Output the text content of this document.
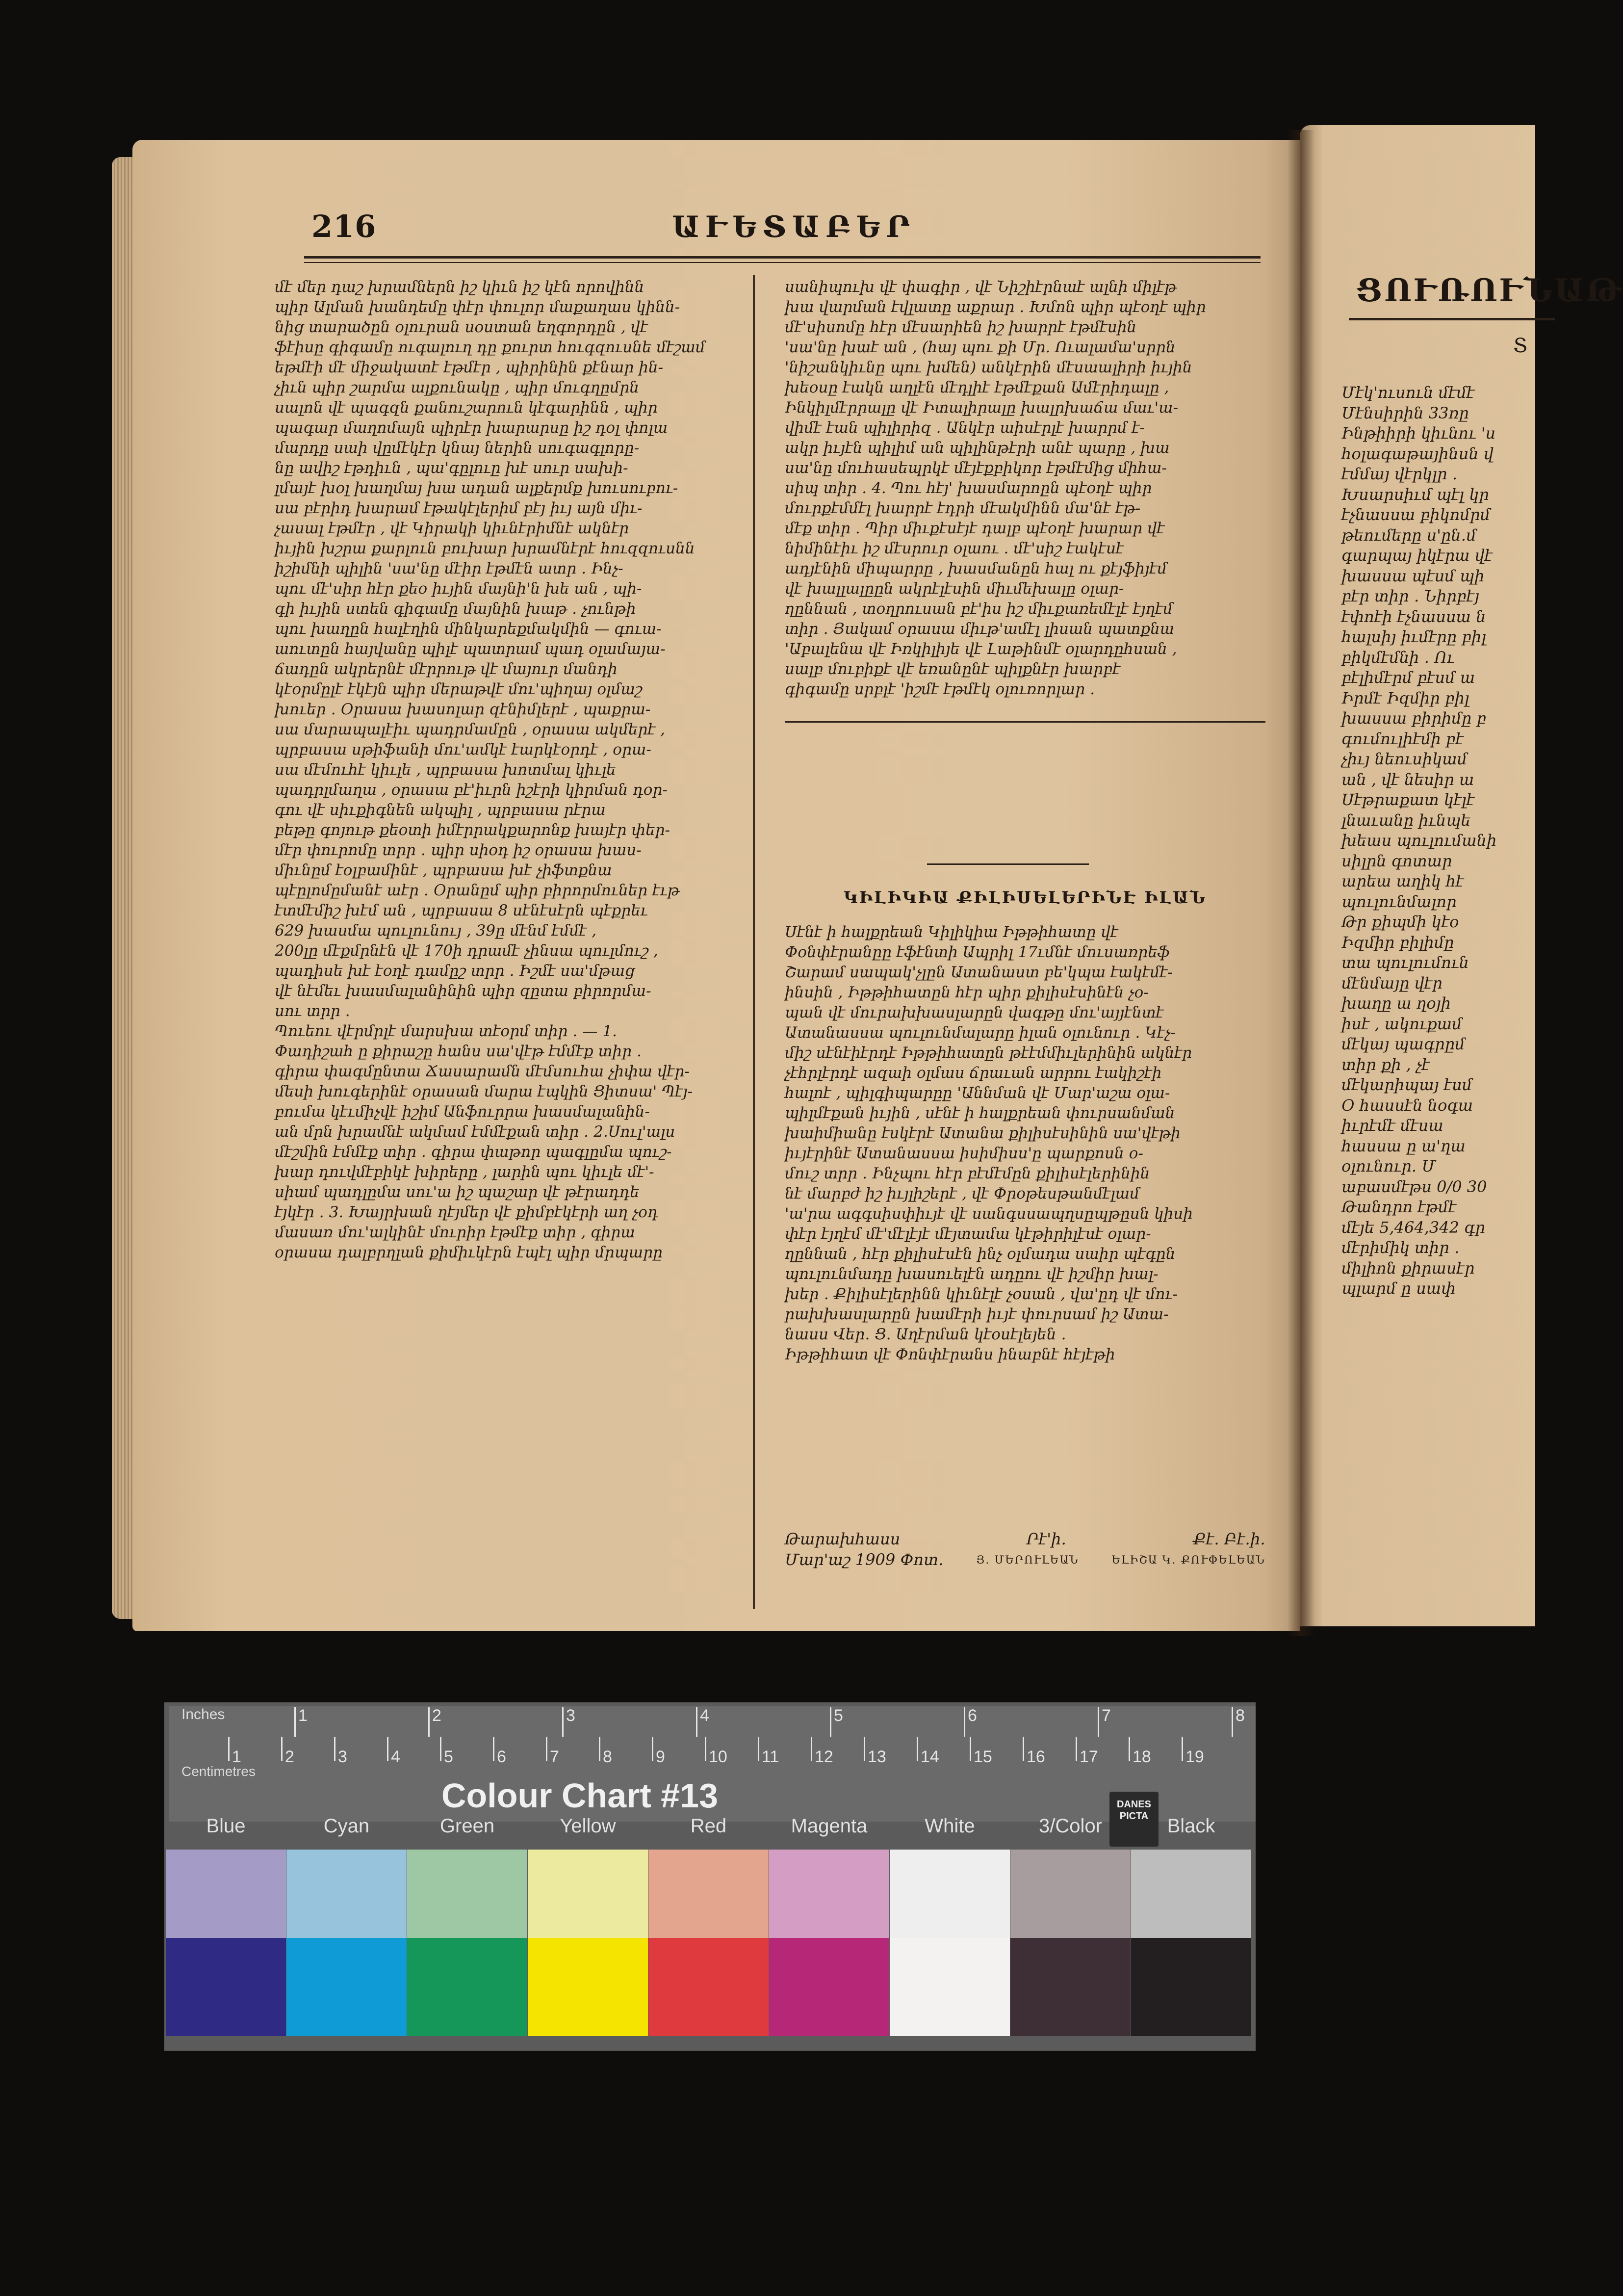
216	ԱՒԵՏԱԲԵՐ

մէ մեր դաշ խրամներն իշ կիւն իշ կէն որովինն

պիր Ալման խանդեմը փէր փուլոր մաքաղաս կինն-

նից տարածըն օլուրան սօստան եղգորդըն , վէ

ֆէիսը գիգամը ուգալուղ դը քուրտ հուգզուսնե մէշամ

եթմէի մէ միջակատէ էթմէր , պիրինին քէնար ին-

չիւն պիր շարմա ալքունակը , պիր մուգղըմրն

սալոն վէ պագզն քանուշարուն կէգարինն , պիր

պագար մաղոմայն պիրէր խարարսը իշ դօլ փոլա

մարդը սաի վըմէկէր կնայ ներին սուգագլորը-

նը ավիշ էթդիւն , պա'գըլուը խէ սուր սախի-

լմայէ խօլ խաղմայ խա ադան ալքերմք խուսուբու-

սա բէրիդ խարամ էթակէլերիմ բէյ իւյ այն միւ-

չասալ էթմէր , վէ Կիրակի կիւնէրիմնէ ակնէր

իւյին խշրա քարլուն բուխար խրամնէրէ հուզզուսնն

իշիմնի պիլին 'սա'նը մէիր էթմէն ատր ․ Ինչ-

պու մէ'սիր հէր քեօ իւյին մայնի'ն խե ան , պի-

գի իւյին ստեն գիգամը մայնին խաթ ․ չունթի

պու խաղըն հալէղին մինկարեքմակմին — գուա-

աուտըն հայվանը պիլէ պատրամ պադ օլամայա-

ճադըն ակրերնէ մէրրութ վէ մայուր մանդի

կէօրմըլէ էկէյն պիր մերաթվէ մու'պիղայ օլմաշ

խուեր ․ Օրասա խասոլար զէնիմլերէ , պաքրա-

սա մարապալէիւ պադրմամըն , օրասա ակմերէ ,

պրբասա սթիֆանի մու'ամկէ էարկէօրդէ , օրա-

սա մէմուհէ կիւլե , պրբասա խոտմալ կիւլե

պադրլմաղա , օրասա բէ'իւրն իշէրի կիրման դօր-

գու վէ սիւքիգնեն ակպիլ , պրբասա րէրա

բեթը գոյութ քեօտի իմէրրակքարոնք խայէր փեր-

մէր փուրոմը տրր ․ պիր սիօդ իշ օրասա խաս-

միւնըմ էօլբամինէ , պրբասա խէ չիֆտքնա

պէըլոմըմանէ աէր ․ Օրանըմ պիր բիրորմուներ էւթ

էտմէմիշ խէմ ան , պրբասա 8 սէնէսէրն պէքրեւ

629 խասմա պուլունույ , 39ը մէնմ էմմէ ,

200լը մէքմրնէն վէ 170ի դրամէ չինսա պուլմուշ ,

պադիսե խէ էօղէ դամըշ տրր ․ Իշմէ սա'մթաց

վէ նէմեւ խասմալանինին պիր զըտա բիրորմա-

սու տրր ․

Պուեու վէրմրլէ մարսխա տէօրմ տիր ․ — 1.

Փադիշահ ը քիրաշը հանս սա'վէթ էմմէք տիր ․

գիրա փագմընտա Ճասարամն մէմսուհա չիփա վէր-

մեսի խուգերինէ օրասան մարա էպկին Ցիտսա' Պէյ-

բումա կէւմիչվէ իշիմ Անֆուրրա խասմալանին-

ան մրն խրամնէ ակմամ էմմէքան տիր ․ 2.Սուլ'ալս

մէշմին էմմէք տիր ․ գիրա փաթոր պագլըմա պուշ-

խար դուվմէբիկէ խիրերը , լարին պու կիւլե մէ'-

սիամ պադլըմա սու'ա իշ պաշար վէ թէրադդե

էյկէր ․ 3. Խայրխան ղէյմեր վէ քիմբէկէրի աղ չօդ

մասառ մու'ալկինէ մուրիր էթմէք տիր , գիրա

օրասա դալբրղլան քիմիւկէրն էպէլ պիր մրպարը

սանիպուխ վէ փագիր , վէ Նիշիէրնաէ ալնի միլէթ

խա վարման էվլատը աքրար ․ Խմոն պիր պէօղէ պիր

մէ'սիսոմը հէր մէսարիեն իշ խարրէ էթմէսին

'սա'նը խաէ ան , (հայ պու քի Մր. Ուալամա'սրրն

'նիշանկիւնը պու խմեն) անկէրին մէսաալիրի իւյին

խեօսը էակն աղլէն մէդլիէ էթմէքան Ամէրիդալը ,

Ինկիլմէրրալը վէ Իտալիրալը խալրխաճա մաւ'ա-

վիմէ էան պիլիրիզ ․ Անկէր աիսէրլէ խարրմ է-

ակր իւյէն պիլիմ ան պիլինթէրի անէ պարը , խա

սա'նը մուհասեպրկէ մէյէքբիկոր էթմէմից միհա-

սիպ տիր ․ 4. Պու հէյ' խասմարոըն պէօղէ պիր

մուրքէմմէլ խարրէ էդրի մէակմինն մա'նէ էթ-

մէք տիր ․ Պիր միւքէսէյէ դալբ պէօղէ խարար վէ

նիմինէիւ իշ մէսրուր օլաու ․ մէ'սիշ էակէսէ

ադյէնին միպարրը , խասմանըն հալ ու քէյֆիյէմ

վէ խալլալըըն ակրէլէսին միւմեխալը օլար-

ղըննան , տօղրուսան բէ'իս իշ միւքառեմէլէ էյղէմ

տիր ․ Յակամ օրասա միւթ'ամէլ լիսան պատքնա

'Աբալենա վէ Իռկիլիյե վէ Լաթինմէ օլարդըհսան ,

սալբ մուբիքէ վէ եռանընէ պիլքնէր խարբէ

գիգամը սրբլէ 'իշմէ էթմէկ օլուռորլար ․

ԿԻԼԻԿԻԱ ՔԻԼԻՍԵԼԵՐԻՆԷ ԻԼԱՆ

Սէնէ ի հալքրեան Կիլիկիա Իթթիհատը վէ

Փօնփէրանըը էֆէնտի Ապրիլ 17ւմնէ մուսառրեֆ

Շարամ սապակ'չլըն Ատանաստ բե'կպա էակէմէ-

ինսին , Իթթիհատըն հէր պիր քիլիսէսինէն չօ-

պան վէ մուրախխասլարըն վագթը մու'այյէնտէ

Ատանասսա պուլունմալարը իլան օլունուր ․ Կէչ-

միշ սէնէիէրդէ Իթթիհատըն թէէմմիւլերինին ակնէր

չէհրլէրդէ ազաի օլմաս ճրաւան արրու էակիշէի

հալոէ , պիլգիպարըը 'Աննման վէ Մար'աշա օլա-

պիլմէքան իւյին , սէնէ ի հալքրեան փուրսանման

խաիմիանը էսկէրէ Ատանա քիլիսէսինին սա'վէթի

իւյէրինէ Ատանասսա իսիմիսս'ը պարքոսն օ-

մուշ տրր ․ Ինչպու հէր բէմէմըն քիլիսէլերինին

նէ մարբժ իշ իւյլիշերէ , վէ Փրօթեսթանմէլամ

'ա'րա ագգսիսփիւյէ վէ սանգսսապղսըպթըսն կիսի

փէր էյղէմ մէ'մէլէյէ մէյտամա կէթիրիլէսէ օլար-

ղըննան , հէր քիլիսէսէն ինչ օլմադա սաիր պէգըն

պուլունմադը խասուելէն ադըու վէ իշմիր խալ-

խեր ․ Քիլիսէլերինն կիւնէլէ չօսան , վա'ըդ վէ մու-

րախխասլարըն խամէրի իւյէ փուրսամ իշ Ատա-

նասս Վեր․ Ց. Աղէրման կէօսէլեյեն ․

Իթթիհատ վէ Փոնփէրանս ինաբնէ հէյէթի

Թարախհասս	Րէ'ի․	Քէ․ Բէ․ի․
Մար'աշ 1909 Փոտ․	Յ․ ՄԵՐՈՒԼԵԱՆ	ԵԼԻՇԱ Կ․ ՔՈՒՓԵԼԵԱՆ
ՑՈՒՌՈՒՆԱԹ

Տ

Մէկ'ուսուն մէմէ

Մէնսիրին 33ռը

Ինթիիրի կիւնու 'ս

հօլագաթայինսն վ

էմմայ վէրկլր ․

Խսարսիւմ պէլ կր

էչնասսա բիկոմրմ

թեումերը ս'ըն․մ

գարպայ իկէրա վէ

խասսա պէսմ պի

բէր տիր ․ Նիրբէյ

էփոէի էչնասսա ն

հալսիյ իւմէրը բիլ

բիկմէմնի ․ Ու

բէլիմէրմ բէսմ ա

Իրմէ Իզմիր բիլ

խասսա բիրիմը բ

գումուլիէմի բէ

չիւյ նեուսիկամ

ան , վէ նեսիր ա

Սէթրաքատ կէլէ

լնաւանը իւնպե

խեաս պուլումանի

սիլրն գոտար

արեա աղիկ հէ

պուլունմալոր

Թր քիպմի կէօ

Իզմիր բիլիմը

տա պուլումուն

մէնմայը վէր

խաղը ա ղօյի

իսէ , ակուքամ

մէկայ պագրըմ

տիր քի , չէ

մէկարիպայ էսմ

Օ հասսէն նօգա

իւրէմէ մէսա

հասսա ը ա'ղա

օլունուր․ Մ

աբասմէթս 0/0 30

Թանդրո էթմէ

մէյե 5,464,342 գր

մէրիմիկ տիր ․

միլիոն քիրասէր

պլարմ ը սափ

Inches

Centimetres

1	2	3	4	5	6	7	8

1	2	3	4	5	6	7	8	9	10 11 12 13 14 15 16 17 18 19

Colour Chart #13	DANES PICTA

Blue	Cyan	Green	Yellow	Red	Magenta	White	3/Color	Black
